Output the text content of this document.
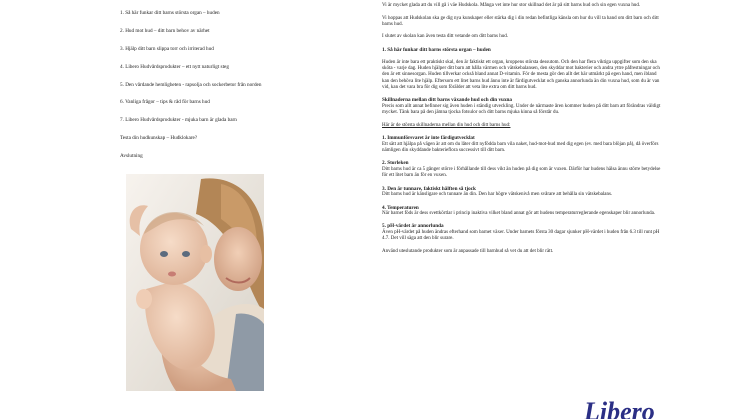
1. Så här funkar ditt barns största organ – huden
2. Hud mot hud – ditt barn behov av närhet
3. Hjälp ditt barn slippa torr och irriterad hud
4. Libero Hudvårdsprodukter – ett nytt naturligt steg
5. Den vårdande hemligheten - rapsolja och sockerbetor från norden
6. Vanliga frågor – tips & råd för barns hud
7. Libero Hudvårdsprodukter - mjuka barn är glada barn
Testa din hudkunskap – Hudklokare?
Avslutning

Vi är mycket glada att du vill gå i väe Hudskola. Många vet inte hur stor skillnad det är på sitt barns hud och sin egen vuxna hud.

Vi hoppas att Hudskolan ska ge dig nya kunskaper eller stärka dig i din redan befintliga känsla om hur du vill ta hand om ditt barn och ditt barns hud.

I slutet av skolan kan även testa ditt vetande om ditt barns hud.

1. Så här funkar ditt barns största organ – huden

Huden är inte bara ett praktiskt skal, den är faktiskt ett organ, kroppens största dessutom. Och den har flera viktiga uppgifter som den ska sköta - varje dag. Huden hjälper ditt barn att hålla värmen och vätskebalansen, den skyddar mot bakterier och andra yttre påfrestningar och den är ett sinnesorgan. Huden tillverkar också bland annat D-vitamin. För de mesta gör den allt det här utmärkt på egen hand, men ibland kan den behöva lite hjälp. Eftersom ett litet barns hud ännu inte är färdigutvecklat och ganska annorlunda än din vuxna hud, som du är van vid, kan det vara bra för dig som förälder att veta lite extra om ditt barns hud.

Skillnaderna mellan ditt barns växande hud och din vuxna

Precis som allt annat befinner sig även huden i ständig utveckling. Under de närmaste åren kommer huden på ditt barn att förändras väldigt mycket. Tänk bara på den jämna tjocka fotsulor och ditt barns mjuka kinna så förstår du.

Här är de största skillnaderna mellan din hud och ditt barns hud:

1. Immunförsvaret är inte färdigutvecklat

Ett sätt att hjälpa på vägen är att om du låter ditt nyfödda barn vila naket, hud-mot-hud med dig egen (ev. med bara blöjan på), då överförs nämligen din skyddande bakterieflora successivt till ditt barn.

2. Storleken

Ditt barns hud är ca 5 gånger större i förhållande till dess vikt än huden på dig som är vuxen. Därför har hudens hälsa ännu större betydelse för ett litet barn än för en vuxen.

3. Den är tunnare, faktiskt hälften så tjock

Ditt barns hud är känsligare och tunnare än din. Den har högre vätskenivå men svårare att behålla sin vätskebalans.

4. Temperaturen

När barnet föds är dess svettkörtlar i princip inaktiva vilket bland annat gör att hudens temperaturreglerande egenskaper blir annorlunda.

5. pH-värdet är annorlunda

Även pH-värdet på huden ändras efterhand som barnet växer. Under barnets första 30 dagar sjunker pH-värdet i huden från 6.3 till runt pH 4.7. Det vill säga att den blir surare.

Använd uteslutande produkter som är anpassade till barnhud så vet du att det blir rätt.

Libero
